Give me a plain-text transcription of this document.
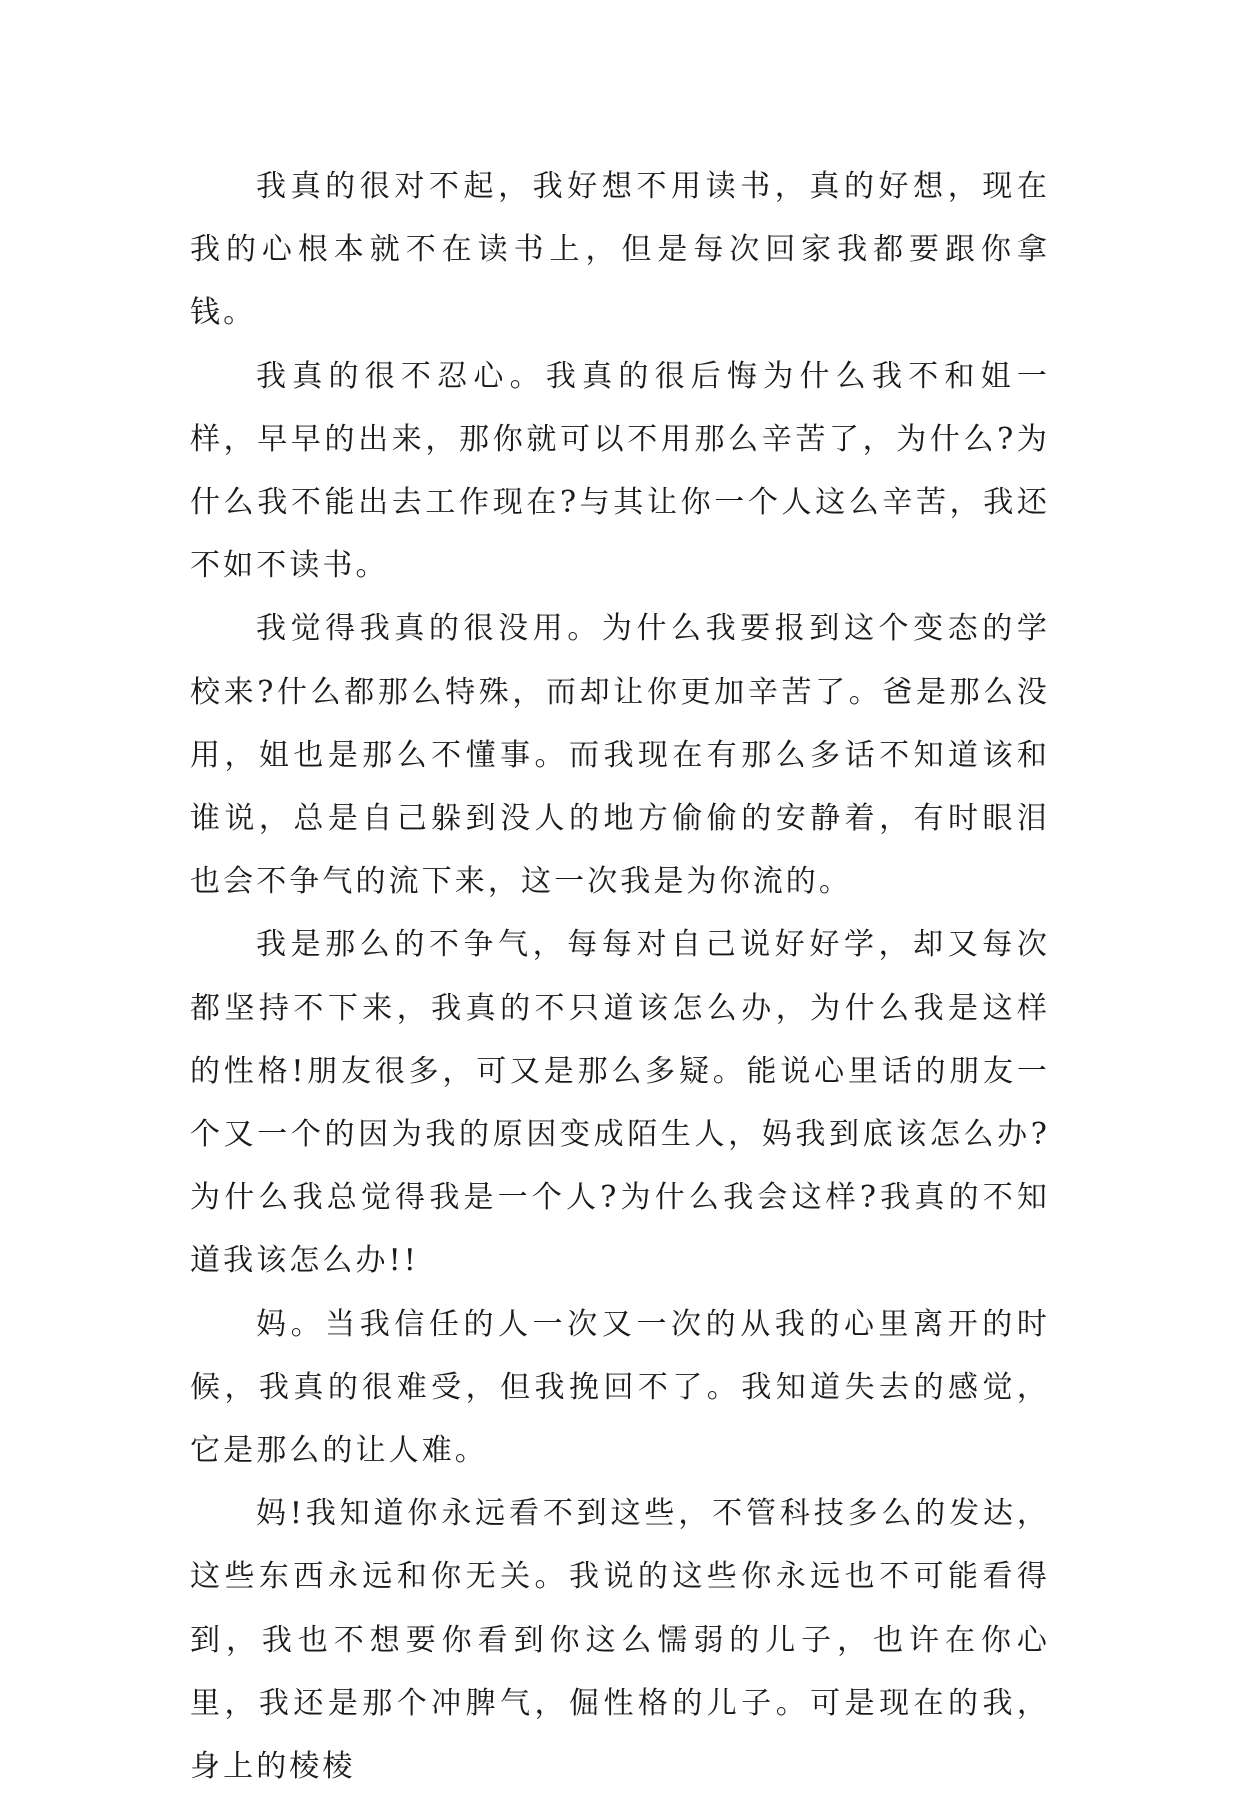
我真的很对不起，我好想不用读书，真的好想，现在我的心根本就不在读书上，但是每次回家我都要跟你拿钱。

我真的很不忍心。我真的很后悔为什么我不和姐一样，早早的出来，那你就可以不用那么辛苦了，为什么?为什么我不能出去工作现在?与其让你一个人这么辛苦，我还不如不读书。

我觉得我真的很没用。为什么我要报到这个变态的学校来?什么都那么特殊，而却让你更加辛苦了。爸是那么没用，姐也是那么不懂事。而我现在有那么多话不知道该和谁说，总是自己躲到没人的地方偷偷的安静着，有时眼泪也会不争气的流下来，这一次我是为你流的。

我是那么的不争气，每每对自己说好好学，却又每次都坚持不下来，我真的不只道该怎么办，为什么我是这样的性格!朋友很多，可又是那么多疑。能说心里话的朋友一个又一个的因为我的原因变成陌生人，妈我到底该怎么办?为什么我总觉得我是一个人?为什么我会这样?我真的不知道我该怎么办!!

妈。当我信任的人一次又一次的从我的心里离开的时候，我真的很难受，但我挽回不了。我知道失去的感觉，它是那么的让人难。

妈!我知道你永远看不到这些，不管科技多么的发达，这些东西永远和你无关。我说的这些你永远也不可能看得到，我也不想要你看到你这么懦弱的儿子，也许在你心里，我还是那个冲脾气，倔性格的儿子。可是现在的我，身上的棱棱
